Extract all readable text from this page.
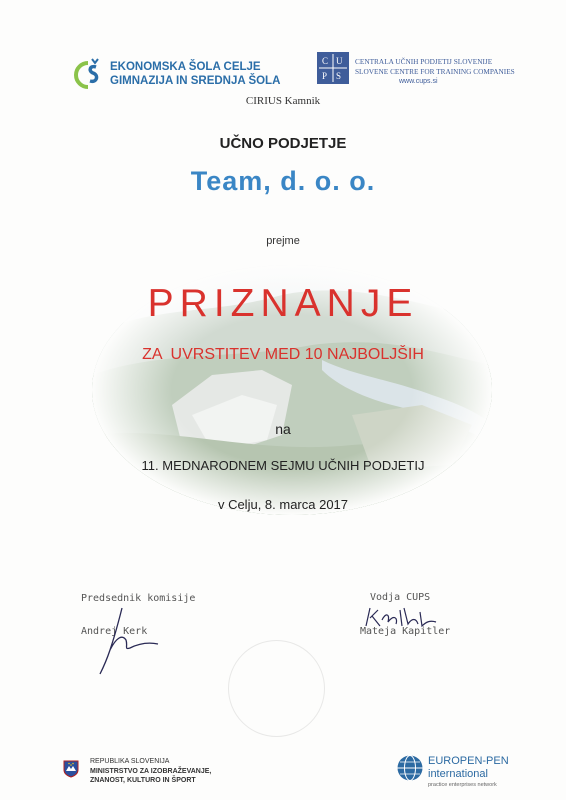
EKONOMSKA ŠOLA CELJE
GIMNAZIJA IN SREDNJA ŠOLA
C U
P S
CENTRALA UČNIH PODJETIJ SLOVENIJE
SLOVENE CENTRE FOR TRAINING COMPANIES
www.cups.si
CIRIUS Kamnik
UČNO PODJETJE
Team, d. o. o.
prejme
PRIZNANJE
ZA  UVRSTITEV MED 10 NAJBOLJŠIH
na
11. MEDNARODNEM SEJMU UČNIH PODJETIJ
v Celju, 8. marca 2017
Predsednik komisije
Andrej Kerk
Vodja CUPS
Mateja Kapitler
REPUBLIKA SLOVENIJA
MINISTRSTVO ZA IZOBRAŽEVANJE,
ZNANOST, KULTURO IN ŠPORT
EUROPEN-PEN
international
practice enterprises network
